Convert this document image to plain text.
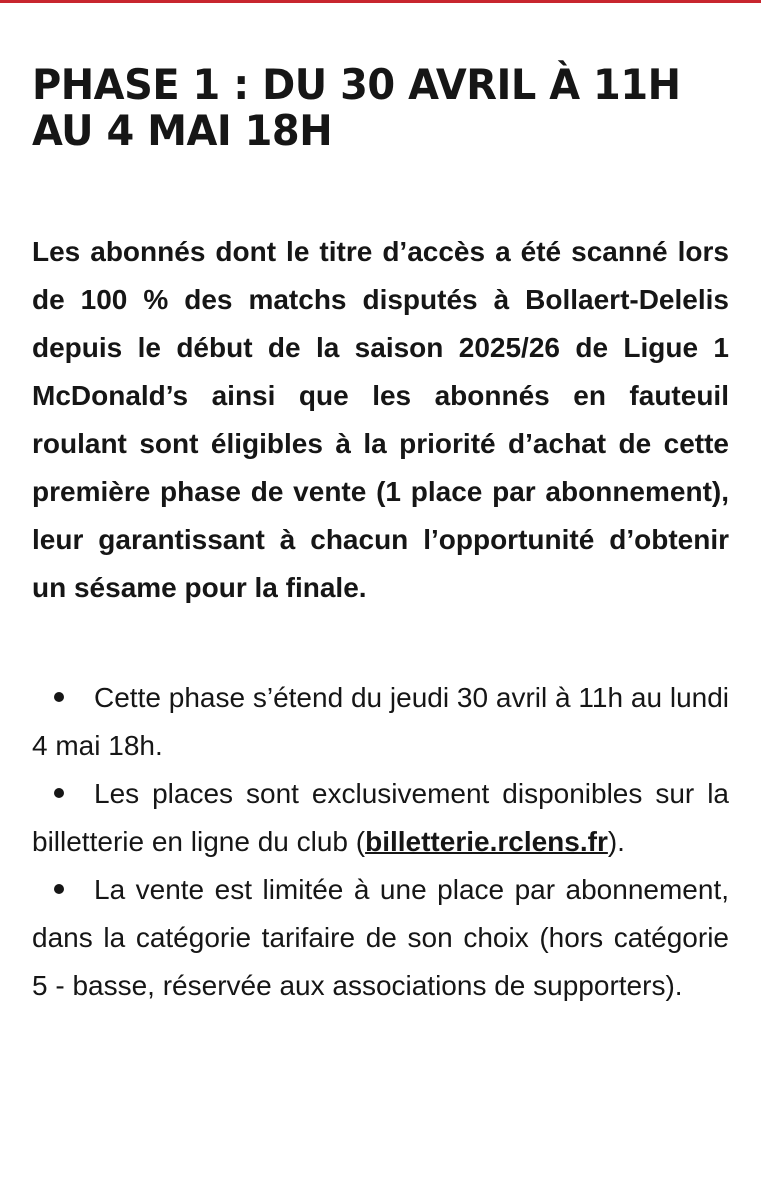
PHASE 1 : DU 30 AVRIL À 11H
AU 4 MAI 18H

Les abonnés dont le titre d’accès a été scanné lors de 100 % des matchs disputés à Bollaert-Delelis depuis le début de la saison 2025/26 de Ligue 1 McDonald’s ainsi que les abonnés en fauteuil roulant sont éligibles à la priorité d’achat de cette première phase de vente (1 place par abonnement), leur garantissant à chacun l’opportunité d’obtenir un sésame pour la finale.

Cette phase s’étend du jeudi 30 avril à 11h au lundi 4 mai 18h.
Les places sont exclusivement disponibles sur la billetterie en ligne du club (billetterie.rclens.fr).
La vente est limitée à une place par abonnement, dans la catégorie tarifaire de son choix (hors catégorie 5 - basse, réservée aux associations de supporters).
